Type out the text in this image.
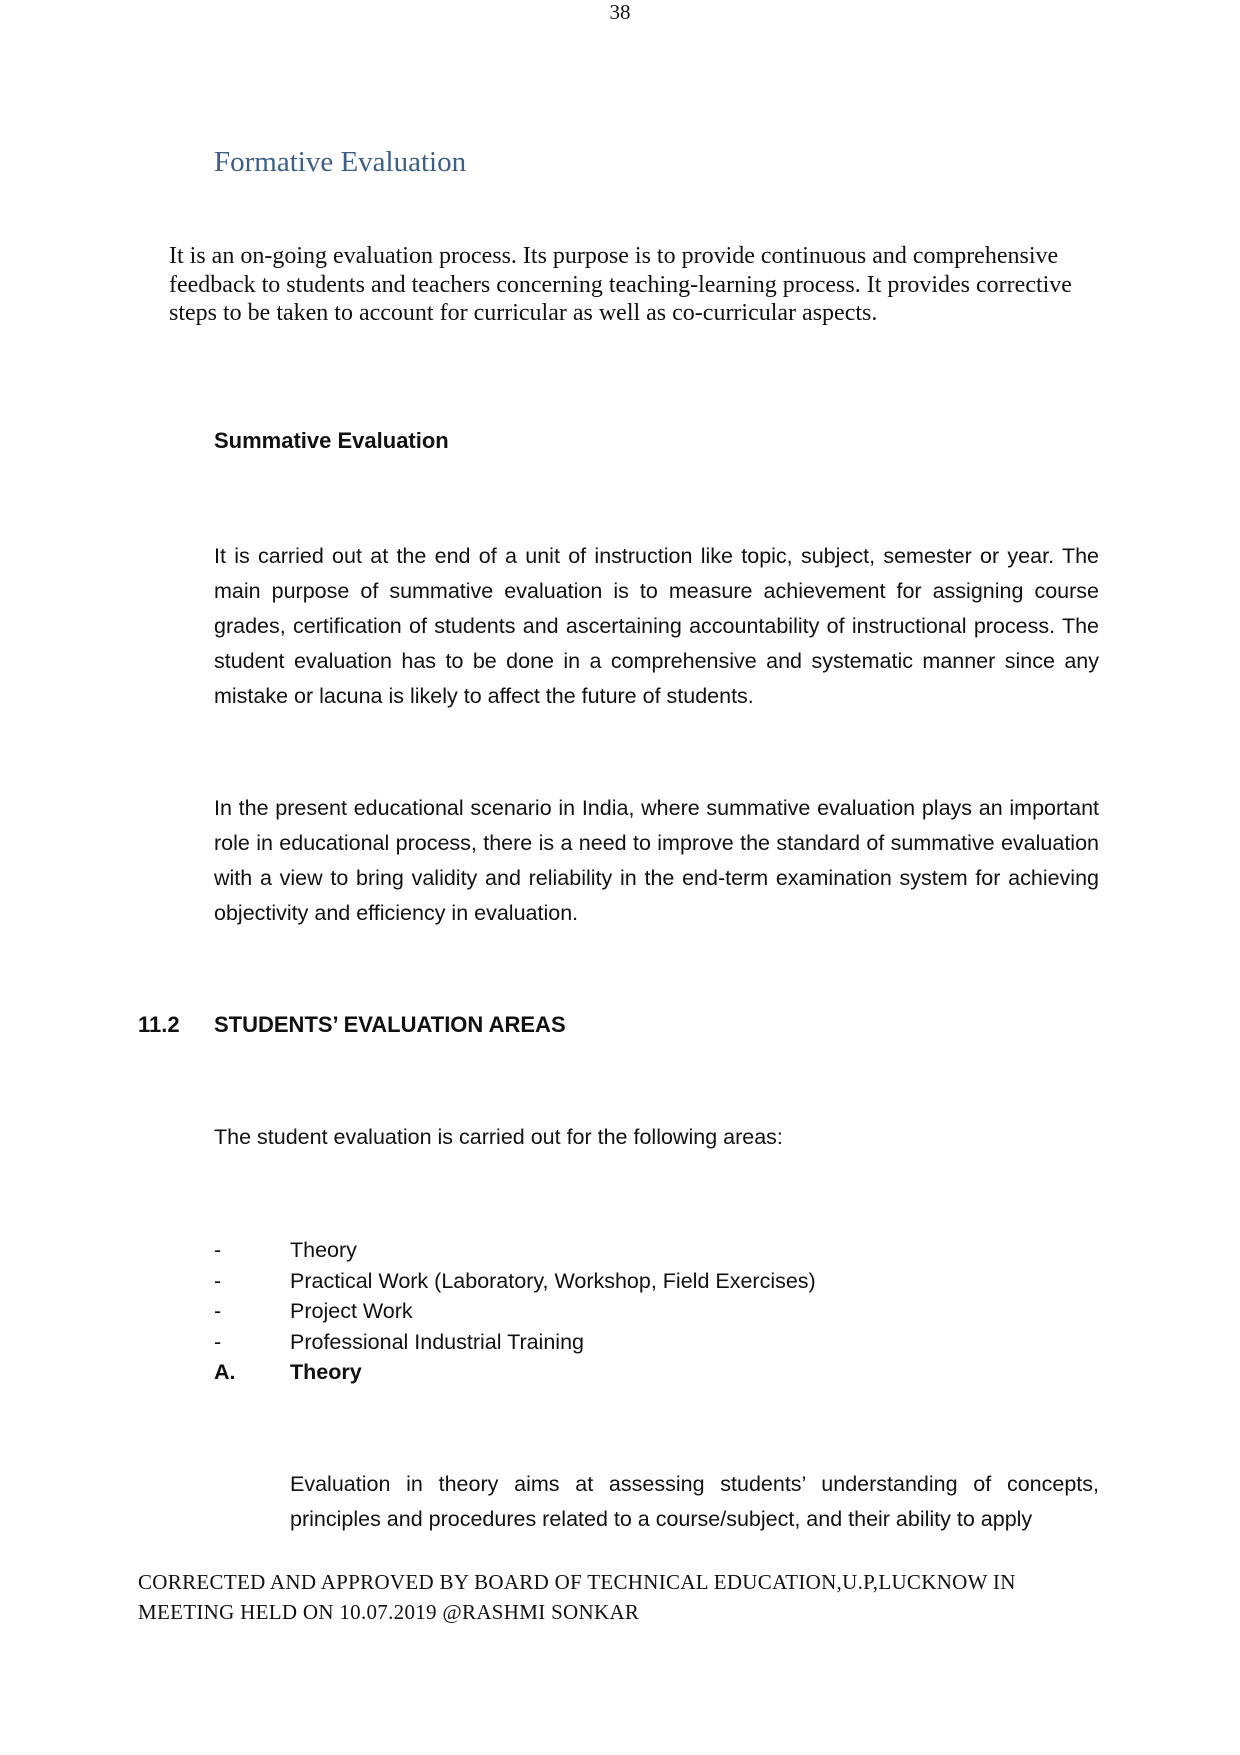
38
Formative Evaluation

It is an on-going evaluation process. Its purpose is to provide continuous and comprehensive feedback to students and teachers concerning teaching-learning process. It provides corrective steps to be taken to account for curricular as well as co-curricular aspects.

Summative Evaluation

It is carried out at the end of a unit of instruction like topic, subject, semester or year. The main purpose of summative evaluation is to measure achievement for assigning course grades, certification of students and ascertaining accountability of instructional process. The student evaluation has to be done in a comprehensive and systematic manner since any mistake or lacuna is likely to affect the future of students.

In the present educational scenario in India, where summative evaluation plays an important role in educational process, there is a need to improve the standard of summative evaluation with a view to bring validity and reliability in the end-term examination system for achieving objectivity and efficiency in evaluation.

11.2 STUDENTS’ EVALUATION AREAS

The student evaluation is carried out for the following areas:

-	Theory
-	Practical Work (Laboratory, Workshop, Field Exercises)
-	Project Work
-	Professional Industrial Training
A.	Theory

Evaluation in theory aims at assessing students’ understanding of concepts, principles and procedures related to a course/subject, and their ability to apply

CORRECTED AND APPROVED BY BOARD OF TECHNICAL EDUCATION,U.P,LUCKNOW IN
MEETING HELD ON 10.07.2019 @RASHMI SONKAR
